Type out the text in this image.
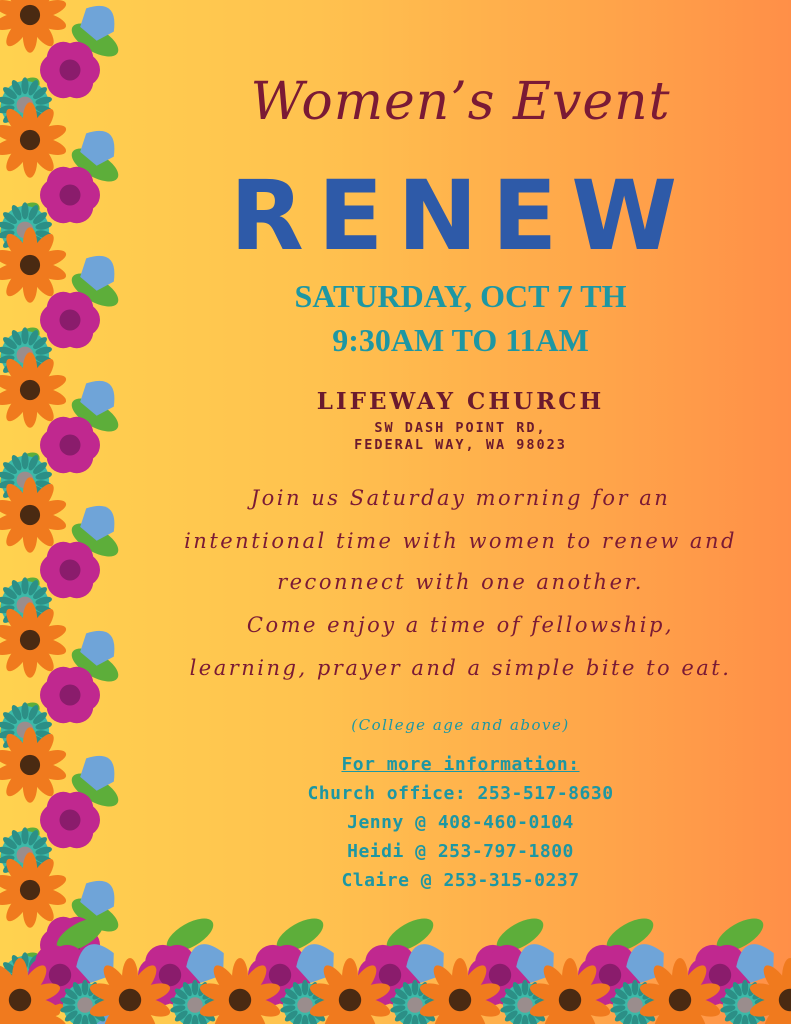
Women’s Event
RENEW
SATURDAY, OCT 7 TH
9:30AM TO 11AM
LIFEWAY CHURCH
SW DASH POINT RD,
FEDERAL WAY, WA 98023
Join us Saturday morning for an
intentional time with women to renew and
reconnect with one another.
Come enjoy a time of fellowship,
learning, prayer and a simple bite to eat.
(College age and above)
For more information:
Church office: 253-517-8630
Jenny @ 408-460-0104
Heidi @ 253-797-1800
Claire @ 253-315-0237
